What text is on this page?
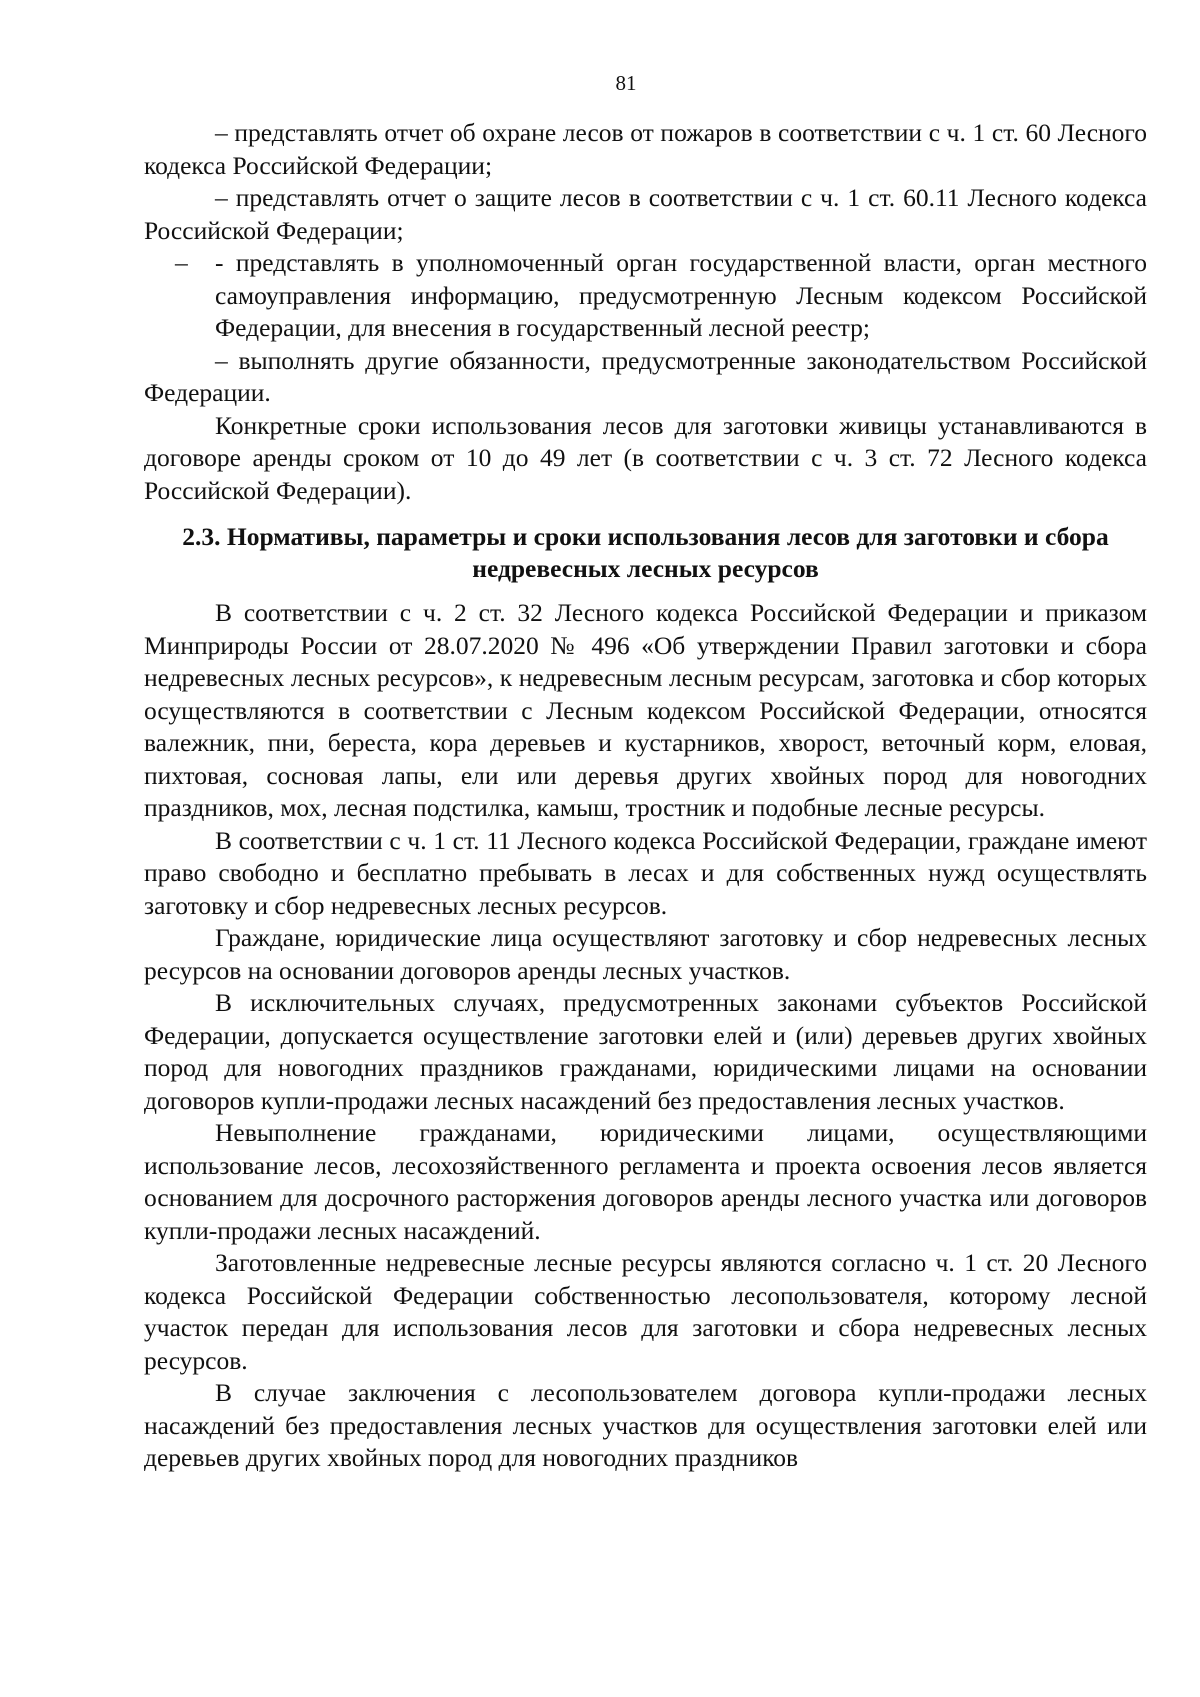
81

– представлять отчет об охране лесов от пожаров в соответствии с ч. 1 ст. 60 Лесного кодекса Российской Федерации;

– представлять отчет о защите лесов в соответствии с ч. 1 ст. 60.11 Лесного кодекса Российской Федерации;

–	- представлять в уполномоченный орган государственной власти, орган местного самоуправления информацию, предусмотренную Лесным кодексом Российской Федерации, для внесения в государственный лесной реестр;

– выполнять другие обязанности, предусмотренные законодательством Российской Федерации.

Конкретные сроки использования лесов для заготовки живицы устанавливаются в договоре аренды сроком от 10 до 49 лет (в соответствии с ч. 3 ст. 72 Лесного кодекса Российской Федерации).

2.3. Нормативы, параметры и сроки использования лесов для заготовки и сбора недревесных лесных ресурсов

В соответствии с ч. 2 ст. 32 Лесного кодекса Российской Федерации и приказом Минприроды России от 28.07.2020 № 496 «Об утверждении Правил заготовки и сбора недревесных лесных ресурсов», к недревесным лесным ресурсам, заготовка и сбор которых осуществляются в соответствии с Лесным кодексом Российской Федерации, относятся валежник, пни, береста, кора деревьев и кустарников, хворост, веточный корм, еловая, пихтовая, сосновая лапы, ели или деревья других хвойных пород для новогодних праздников, мох, лесная подстилка, камыш, тростник и подобные лесные ресурсы.

В соответствии с ч. 1 ст. 11 Лесного кодекса Российской Федерации, граждане имеют право свободно и бесплатно пребывать в лесах и для собственных нужд осуществлять заготовку и сбор недревесных лесных ресурсов.

Граждане, юридические лица осуществляют заготовку и сбор недревесных лесных ресурсов на основании договоров аренды лесных участков.

В исключительных случаях, предусмотренных законами субъектов Российской Федерации, допускается осуществление заготовки елей и (или) деревьев других хвойных пород для новогодних праздников гражданами, юридическими лицами на основании договоров купли-продажи лесных насаждений без предоставления лесных участков.

Невыполнение гражданами, юридическими лицами, осуществляющими использование лесов, лесохозяйственного регламента и проекта освоения лесов является основанием для досрочного расторжения договоров аренды лесного участка или договоров купли-продажи лесных насаждений.

Заготовленные недревесные лесные ресурсы являются согласно ч. 1 ст. 20 Лесного кодекса Российской Федерации собственностью лесопользователя, которому лесной участок передан для использования лесов для заготовки и сбора недревесных лесных ресурсов.

В случае заключения с лесопользователем договора купли-продажи лесных насаждений без предоставления лесных участков для осуществления заготовки елей или деревьев других хвойных пород для новогодних праздников
